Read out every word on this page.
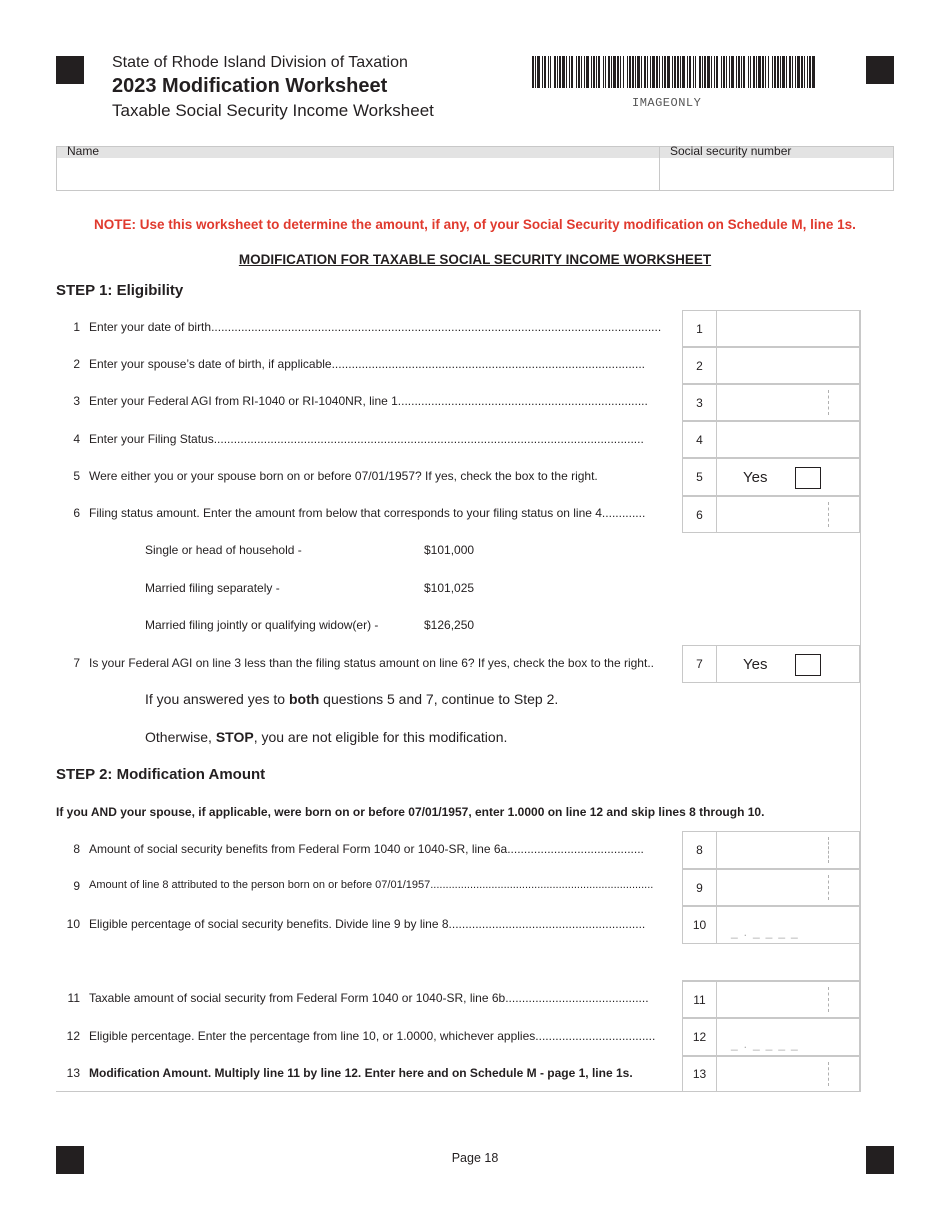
State of Rhode Island Division of Taxation
2023 Modification Worksheet
Taxable Social Security Income Worksheet	IMAGEONLY
Name	Social security number
NOTE: Use this worksheet to determine the amount, if any, of your Social Security modification on Schedule M, line 1s.
MODIFICATION FOR TAXABLE SOCIAL SECURITY INCOME WORKSHEET
STEP 1: Eligibility
1 Enter your date of birth.......................................................................................................................................	1
2 Enter your spouse’s date of birth, if applicable..............................................................................................	2
3 Enter your Federal AGI from RI-1040 or RI-1040NR, line 1...........................................................................	3
4 Enter your Filing Status.................................................................................................................................	4
5 Were either you or your spouse born on or before 07/01/1957? If yes, check the box to the right.	5	Yes
6 Filing status amount. Enter the amount from below that corresponds to your filing status on line 4.............	6
Single or head of household -	$101,000
Married filing separately -	$101,025
Married filing jointly or qualifying widow(er) -	$126,250
7 Is your Federal AGI on line 3 less than the filing status amount on line 6? If yes, check the box to the right..	7	Yes
If you answered yes to both questions 5 and 7, continue to Step 2.
Otherwise, STOP, you are not eligible for this modification.
STEP 2: Modification Amount
If you AND your spouse, if applicable, were born on or before 07/01/1957, enter 1.0000 on line 12 and skip lines 8 through 10.
8 Amount of social security benefits from Federal Form 1040 or 1040-SR, line 6a.........................................	8
9 Amount of line 8 attributed to the person born on or before 07/01/1957.........................................................................	9
10 Eligible percentage of social security benefits. Divide line 9 by line 8...........................................................	10	_.____
11 Taxable amount of social security from Federal Form 1040 or 1040-SR, line 6b...........................................	11
12 Eligible percentage. Enter the percentage from line 10, or 1.0000, whichever applies....................................	12	_.____
13 Modification Amount. Multiply line 11 by line 12. Enter here and on Schedule M - page 1, line 1s.	13
Page 18
